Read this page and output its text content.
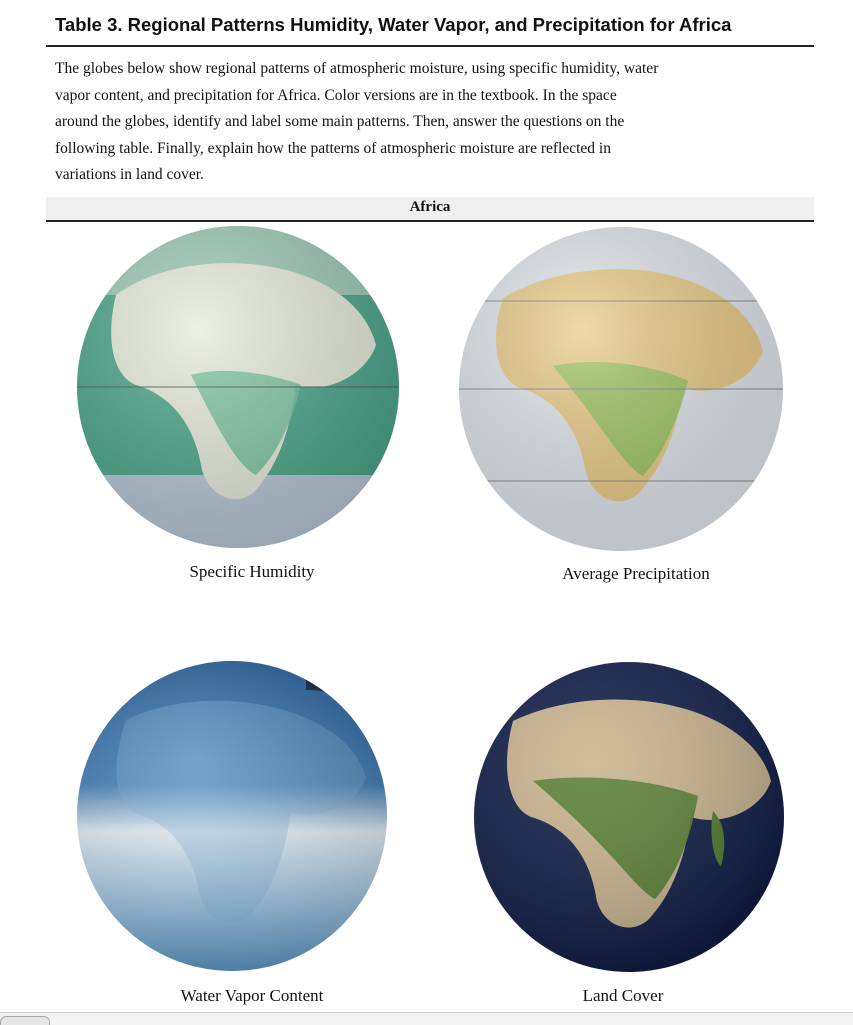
Table 3. Regional Patterns Humidity, Water Vapor, and Precipitation for Africa
The globes below show regional patterns of atmospheric moisture, using specific humidity, water
vapor content, and precipitation for Africa. Color versions are in the textbook. In the space
around the globes, identify and label some main patterns. Then, answer the questions on the
following table. Finally, explain how the patterns of atmospheric moisture are reflected in
variations in land cover.
Africa
Specific Humidity	Average Precipitation
Water Vapor Content	Land Cover
